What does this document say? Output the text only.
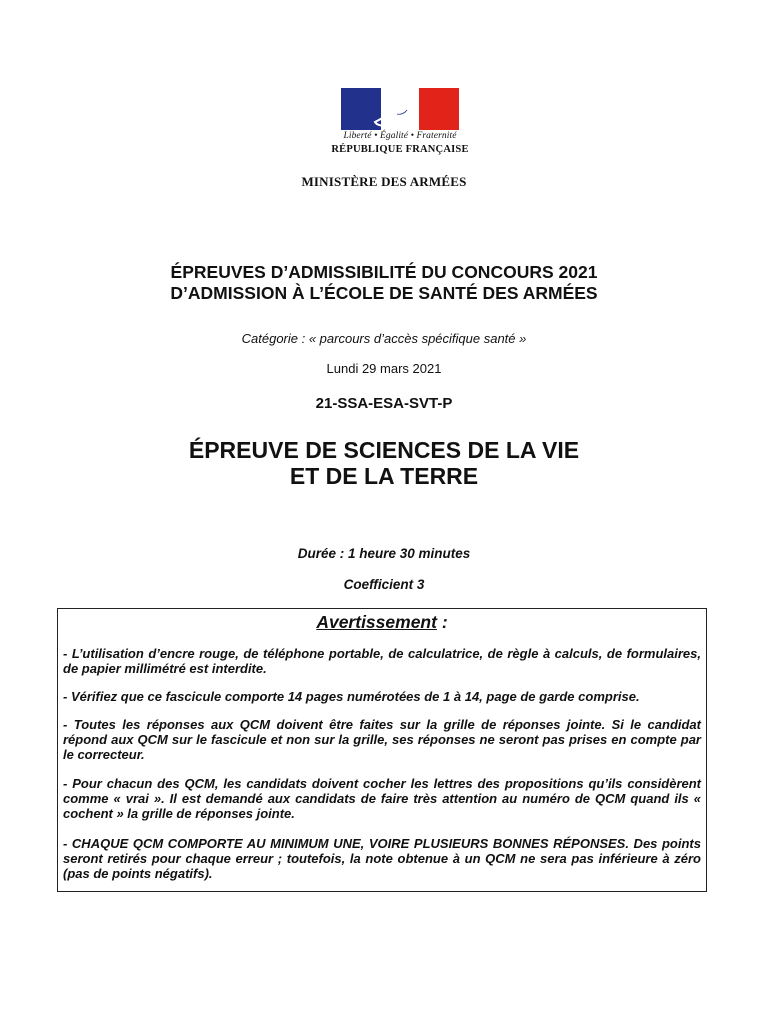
Liberté • Égalité • Fraternité
RÉPUBLIQUE FRANÇAISE
MINISTÈRE DES ARMÉES
ÉPREUVES D’ADMISSIBILITÉ DU CONCOURS 2021
D’ADMISSION À L’ÉCOLE DE SANTÉ DES ARMÉES
Catégorie : « parcours d’accès spécifique santé »
Lundi 29 mars 2021
21-SSA-ESA-SVT-P
ÉPREUVE DE SCIENCES DE LA VIE
ET DE LA TERRE
Durée : 1 heure 30 minutes
Coefficient 3
Avertissement :

- L’utilisation d’encre rouge, de téléphone portable, de calculatrice, de règle à calculs, de formulaires, de papier millimétré est interdite.

- Vérifiez que ce fascicule comporte 14 pages numérotées de 1 à 14, page de garde comprise.

- Toutes les réponses aux QCM doivent être faites sur la grille de réponses jointe. Si le candidat répond aux QCM sur le fascicule et non sur la grille, ses réponses ne seront pas prises en compte par le correcteur.

- Pour chacun des QCM, les candidats doivent cocher les lettres des propositions qu’ils considèrent comme « vrai ». Il est demandé aux candidats de faire très attention au numéro de QCM quand ils « cochent » la grille de réponses jointe.

- CHAQUE QCM COMPORTE AU MINIMUM UNE, VOIRE PLUSIEURS BONNES RÉPONSES. Des points seront retirés pour chaque erreur ; toutefois, la note obtenue à un QCM ne sera pas inférieure à zéro (pas de points négatifs).
